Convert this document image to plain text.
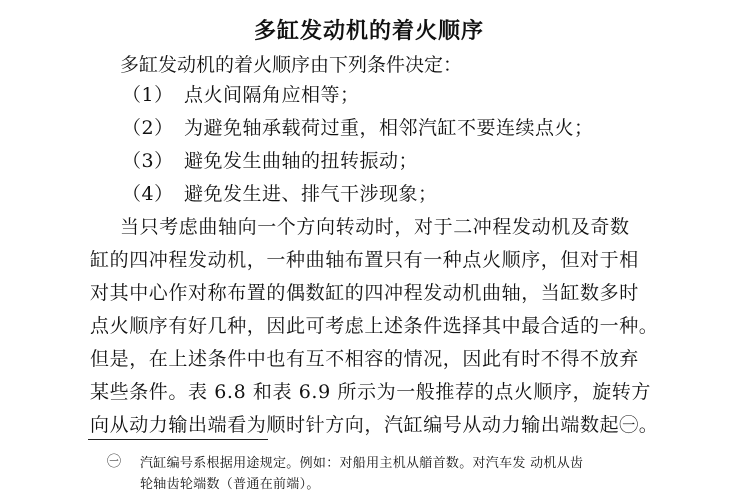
多缸发动机的着火顺序
多缸发动机的着火顺序由下列条件决定：
（1） 点火间隔角应相等；
（2） 为避免轴承载荷过重，相邻汽缸不要连续点火；
（3） 避免发生曲轴的扭转振动；
（4） 避免发生进、排气干涉现象；
当只考虑曲轴向一个方向转动时，对于二冲程发动机及奇数
缸的四冲程发动机，一种曲轴布置只有一种点火顺序，但对于相
对其中心作对称布置的偶数缸的四冲程发动机曲轴，当缸数多时
点火顺序有好几种，因此可考虑上述条件选择其中最合适的一种。
但是，在上述条件中也有互不相容的情况，因此有时不得不放弃
某些条件。表 6.8 和表 6.9 所示为一般推荐的点火顺序，旋转方
向从动力输出端看为顺时针方向，汽缸编号从动力输出端数起㊀。
㊀ 汽缸编号系根据用途规定。例如：对船用主机从艏首数。对汽车发 动机从齿
轮轴齿轮端数（普通在前端）。
